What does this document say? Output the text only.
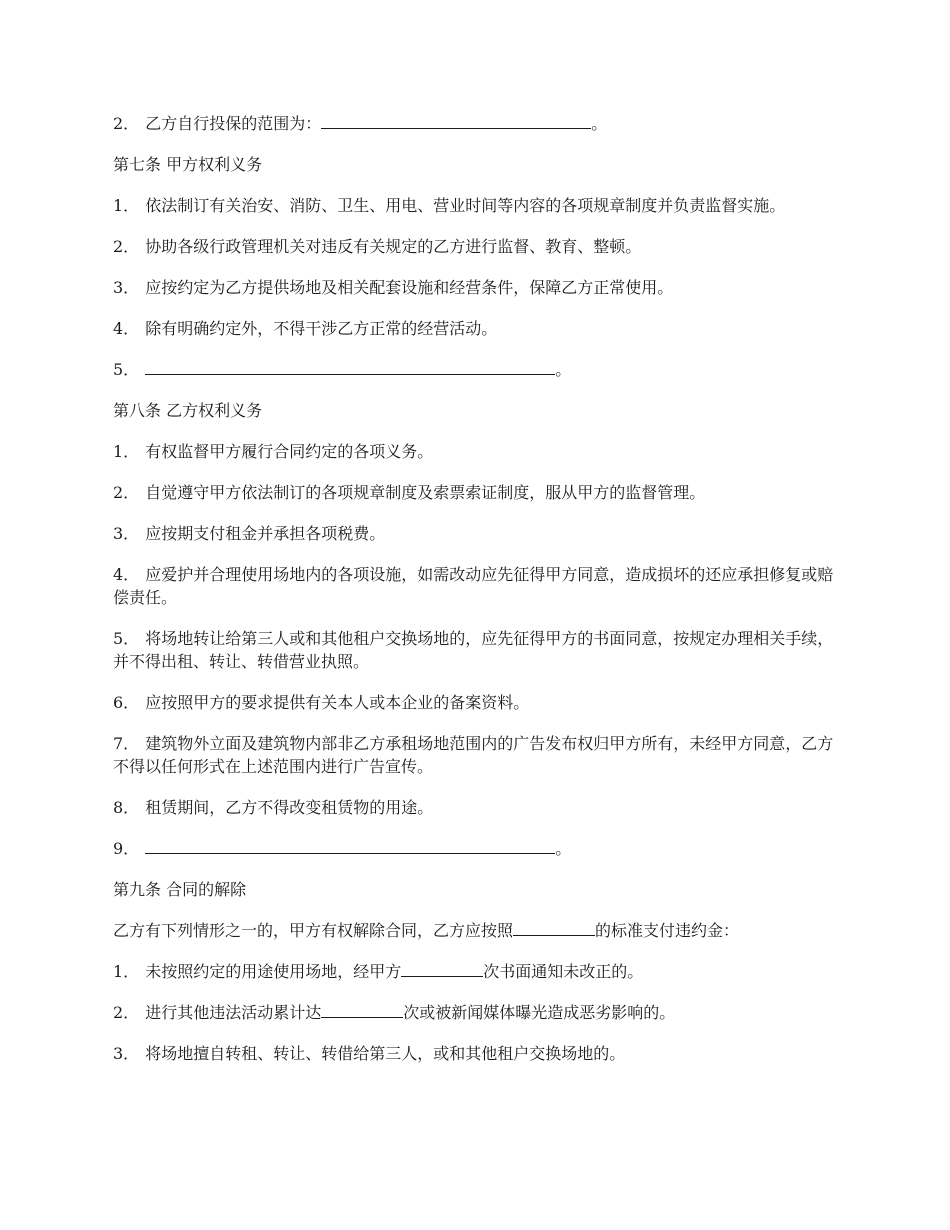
2． 乙方自行投保的范围为：	。

第七条 甲方权利义务

1． 依法制订有关治安、消防、卫生、用电、营业时间等内容的各项规章制度并负责监督实施。

2． 协助各级行政管理机关对违反有关规定的乙方进行监督、教育、整顿。

3． 应按约定为乙方提供场地及相关配套设施和经营条件，保障乙方正常使用。

4． 除有明确约定外，不得干涉乙方正常的经营活动。

5．	。

第八条 乙方权利义务

1． 有权监督甲方履行合同约定的各项义务。

2． 自觉遵守甲方依法制订的各项规章制度及索票索证制度，服从甲方的监督管理。

3． 应按期支付租金并承担各项税费。

4． 应爱护并合理使用场地内的各项设施，如需改动应先征得甲方同意，造成损坏的还应承担修复或赔偿责任。

5． 将场地转让给第三人或和其他租户交换场地的，应先征得甲方的书面同意，按规定办理相关手续，并不得出租、转让、转借营业执照。

6． 应按照甲方的要求提供有关本人或本企业的备案资料。

7． 建筑物外立面及建筑物内部非乙方承租场地范围内的广告发布权归甲方所有，未经甲方同意，乙方不得以任何形式在上述范围内进行广告宣传。

8． 租赁期间，乙方不得改变租赁物的用途。

9．	。

第九条 合同的解除

乙方有下列情形之一的，甲方有权解除合同，乙方应按照	的标准支付违约金：

1． 未按照约定的用途使用场地，经甲方	次书面通知未改正的。

2． 进行其他违法活动累计达	次或被新闻媒体曝光造成恶劣影响的。

3． 将场地擅自转租、转让、转借给第三人，或和其他租户交换场地的。
